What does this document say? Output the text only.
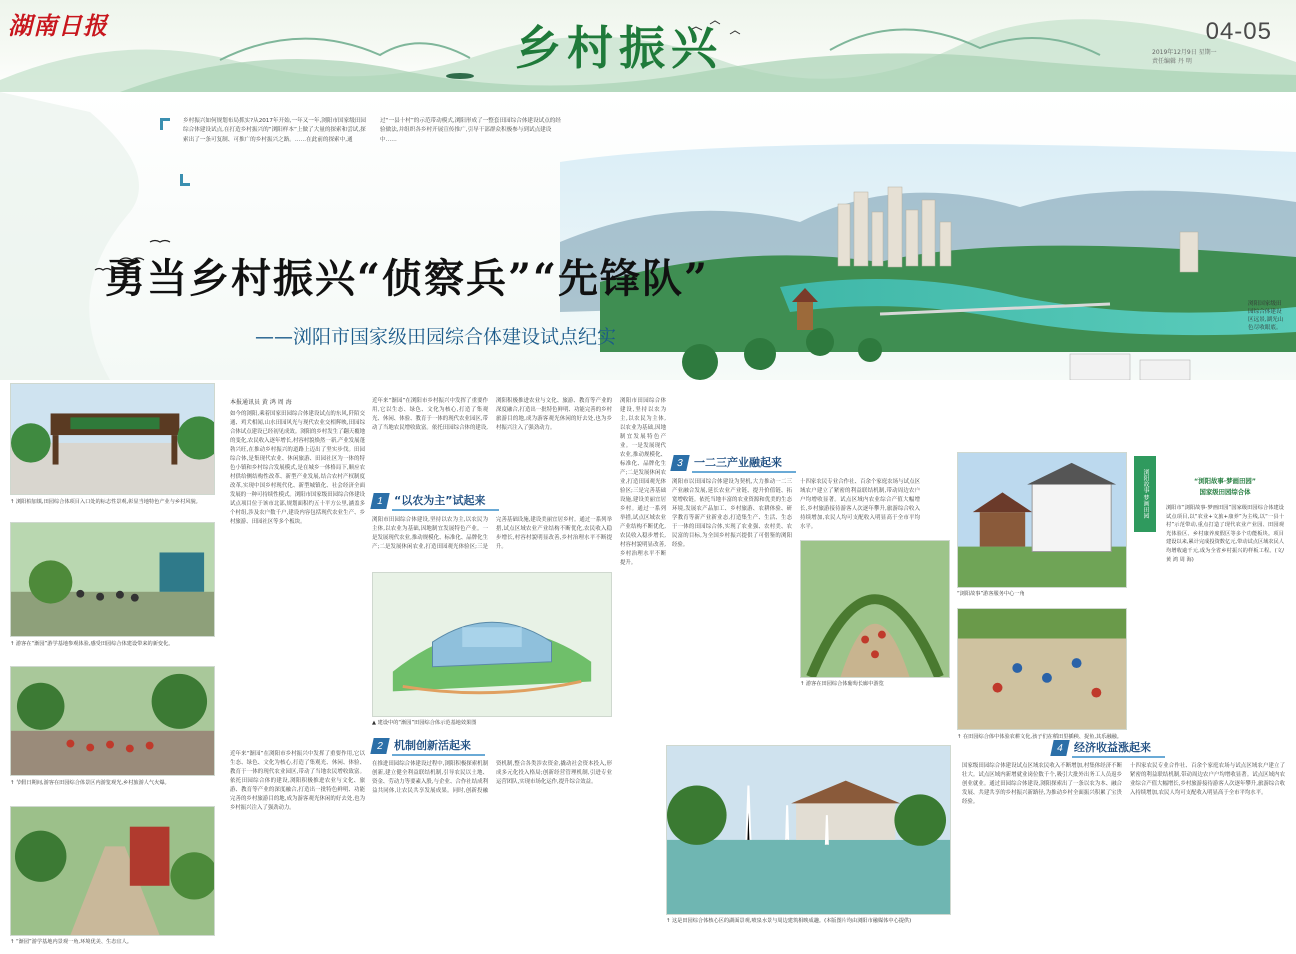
湖南日报	乡村振兴	04-05
2019年12月9日 星期一
责任编辑 丹 明
乡村振兴如何规划布局抓实?从2017年开始,一年又一年,浏阳市国家级田园综合体建设试点,在打造乡村振兴的“浏阳样本”上做了大量的探索和尝试,探索出了一条可复制、可推广的乡村振兴之路。……在此前的探索中,通过“一县十村”的示范带动模式,浏阳形成了一整套田园综合体建设试点的经验做法,并组织各乡村开展宣传推广,引导干部群众积极参与到试点建设中……
勇当乡村振兴“侦察兵”“先锋队”
——浏阳市国家级田园综合体建设试点纪实
浏阳国家级田园综合体建设区远景,湖光山色尽收眼底。
↑ 浏阳柏加镇,田园综合体项目入口处的标志性景观,彰显当地特色产业与乡村风貌。
↑ 游客在“渐园”游学基地参观体验,感受田园综合体建设带来的新变化。
↑ 节假日期间,游客在田园综合体景区内游览观光,乡村旅游人气火爆。
↑ “渐园”游学基地内景观一角,环境优美、生态宜人。
本报通讯员 黄 鸿 周 海
如今的浏阳,乘着国家田园综合体建设试点的东风,阡陌交通、鸡犬相闻,山水田园风光与现代农业交相辉映,田园综合体试点建设已经初见成效。浏阳的乡村发生了翻天覆地的变化,农民收入逐年增长,村容村貌焕然一新,产业发展蓬勃兴旺,在推动乡村振兴的道路上迈出了坚实步伐。田园综合体,是集现代农业、休闲旅游、田园社区为一体的特色小镇和乡村综合发展模式,是在城乡一体格局下,顺应农村供给侧结构性改革、新型产业发展,结合农村产权制度改革,实现中国乡村现代化、新型城镇化、社会经济全面发展的一种可持续性模式。浏阳市国家级田园综合体建设试点项目位于该市北部,规划面积约五十平方公里,涵盖多个村组,涉及农户数千户,建设内容包括现代农业生产、乡村旅游、田园社区等多个板块。
近年来“渐园”在浏阳市乡村振兴中发挥了重要作用,它以生态、绿色、文化为核心,打造了集观光、休闲、体验、教育于一体的现代农业园区,带动了当地农民增收致富。依托田园综合体的建设,浏阳积极推进农业与文化、旅游、教育等产业的深度融合,打造出一批特色鲜明、功能完善的乡村旅游目的地,成为游客观光休闲的好去处,也为乡村振兴注入了强劲动力。
近年来“渐园”在浏阳市乡村振兴中发挥了重要作用,它以生态、绿色、文化为核心,打造了集观光、休闲、体验、教育于一体的现代农业园区,带动了当地农民增收致富。依托田园综合体的建设,浏阳积极推进农业与文化、旅游、教育等产业的深度融合,打造出一批特色鲜明、功能完善的乡村旅游目的地,成为游客观光休闲的好去处,也为乡村振兴注入了强劲动力。
1 “以农为主”试起来
浏阳市田园综合体建设,坚持以农为主,以农民为主体,以农业为基础,因地制宜发展特色产业。一是发展现代农业,推动规模化、标准化、品牌化生产;二是发展休闲农业,打造田园观光体验区;三是完善基础设施,建设美丽宜居乡村。通过一系列举措,试点区域农业产业结构不断优化,农民收入稳步增长,村容村貌明显改善,乡村治理水平不断提升。
▲ 建设中的“渐园”田园综合体示范基地效果图
2 机制创新活起来
在推进田园综合体建设过程中,浏阳积极探索机制创新,建立健全利益联结机制,引导农民以土地、资金、劳动力等要素入股,与企业、合作社结成利益共同体,让农民共享发展成果。同时,创新投融资机制,整合各类涉农资金,撬动社会资本投入,形成多元化投入格局;创新经营管理机制,引进专业运营团队,实现市场化运作,提升综合效益。
浏阳市田园综合体建设,坚持以农为主,以农民为主体,以农业为基础,因地制宜发展特色产业。一是发展现代农业,推动规模化、标准化、品牌化生产;二是发展休闲农业,打造田园观光体验区;三是完善基础设施,建设美丽宜居乡村。通过一系列举措,试点区域农业产业结构不断优化,农民收入稳步增长,村容村貌明显改善,乡村治理水平不断提升。
3 一二三产业融起来
浏阳市以田园综合体建设为契机,大力推动一二三产业融合发展,延长农业产业链、提升价值链、拓宽增收链。依托当地丰富的农业资源和优美的生态环境,发展农产品加工、乡村旅游、农耕体验、研学教育等新产业新业态,打造集生产、生活、生态于一体的田园综合体,实现了农业强、农村美、农民富的目标,为全国乡村振兴提供了可借鉴的浏阳经验。
十四家农民专业合作社、百余个家庭农场与试点区域农户建立了紧密的利益联结机制,带动周边农户户均增收显著。试点区域内农业综合产值大幅增长,乡村旅游接待游客人次逐年攀升,旅游综合收入持续增加,农民人均可支配收入明显高于全市平均水平。
“浏阳故事”游客服务中心一角
↑ 游客在田园综合体葡萄长廊中游览
↑ 在田园综合体中体验农耕文化,孩子们在稻田里插秧、捉鱼,其乐融融。
4 经济收益涨起来
国家级田园综合体建设试点区域农民收入不断增加,村集体经济不断壮大。试点区域内新增就业岗位数千个,吸引大批外出务工人员返乡创业就业。通过田园综合体建设,浏阳探索出了一条以农为本、融合发展、共建共享的乡村振兴新路径,为推动乡村全面振兴积累了宝贵经验。
十四家农民专业合作社、百余个家庭农场与试点区域农户建立了紧密的利益联结机制,带动周边农户户均增收显著。试点区域内农业综合产值大幅增长,乡村旅游接待游客人次逐年攀升,旅游综合收入持续增加,农民人均可支配收入明显高于全市平均水平。
↑ 这是田园综合体核心区的湖面景观,喷泉水景与周边建筑相映成趣。(本版图片均由浏阳市融媒体中心提供)
浏阳故事 梦画田园	“浏阳故事·梦画田园”
国家级田园综合体
浏阳市“浏阳故事·梦画田园”国家级田园综合体建设试点项目,以“农业+文旅+康养”为主线,以“一县十村”示范带动,重点打造了现代农业产业园、田园观光体验区、乡村康养度假区等多个功能板块。项目建设以来,累计完成投资数亿元,带动试点区域农民人均增收逾千元,成为全省乡村振兴的样板工程。(文/黄 鸿 周 海)
